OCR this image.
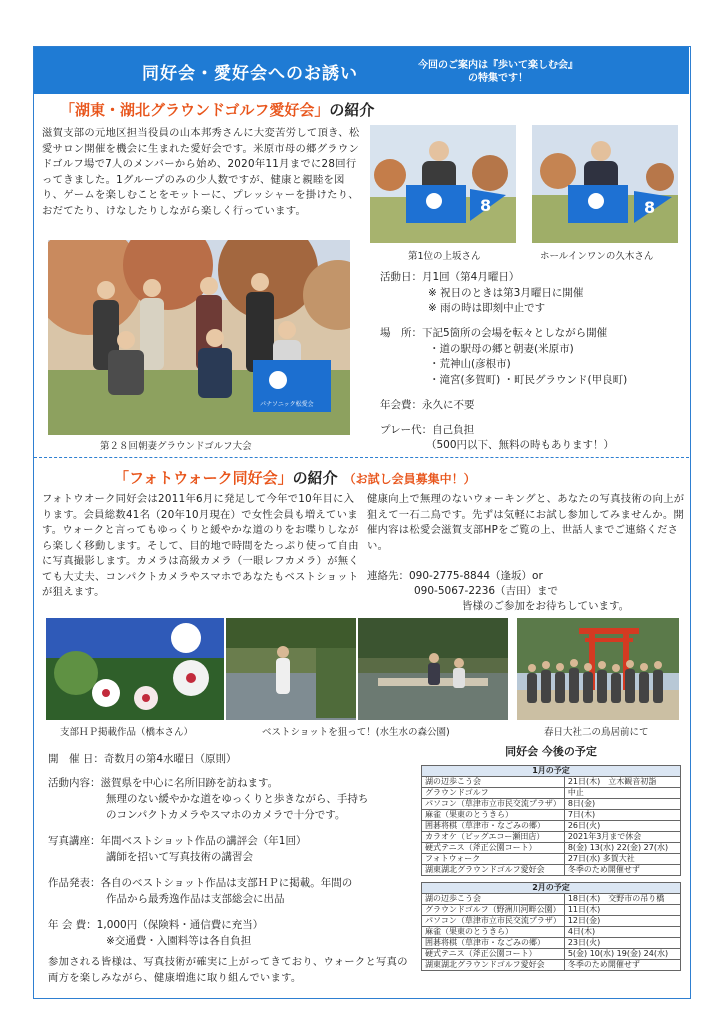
同好会・愛好会へのお誘い	今回のご案内は『歩いて楽しむ会』
の特集です！
「湖東・湖北グラウンドゴルフ愛好会」の紹介
滋賀支部の元地区担当役員の山本邦秀さんに大変苦労して頂き、松愛サロン開催を機会に生まれた愛好会です。米原市母の郷グラウンドゴルフ場で7人のメンバーから始め、2020年11月までに28回行ってきました。1グループのみの少人数ですが、健康と親睦を図り、ゲームを楽しむことをモットーに、プレッシャーを掛けたり、おだてたり、けなしたりしながら楽しく行っています。
パナソニック松愛会
第２８回朝妻グラウンドゴルフ大会
8
第1位の上坂さん
8
ホールインワンの久木さん
活動日：月1回（第4月曜日）
※ 祝日のときは第3月曜日に開催
※ 雨の時は即刻中止です
場　所：下記5箇所の会場を転々としながら開催
・道の駅母の郷と朝妻(米原市)
・荒神山(彦根市)
・滝宮(多賀町) ・町民グラウンド(甲良町)
年会費：永久に不要
プレー代：自己負担
（500円以下、無料の時もあります！）
「フォトウォーク同好会」の紹介 （お試し会員募集中！）
フォトウオーク同好会は2011年6月に発足して今年で10年目に入ります。会員総数41名（20年10月現在）で女性会員も増えています。ウォークと言ってもゆっくりと緩やかな道のりをお喋りしながら楽しく移動します。そして、目的地で時間をたっぷり使って自由に写真撮影します。カメラは高級カメラ（一眼レフカメラ）が無くても大丈夫、コンパクトカメラやスマホであなたもベストショットが狙えます。
健康向上で無理のないウォーキングと、あなたの写真技術の向上が狙えて一石二鳥です。先ずは気軽にお試し参加してみませんか。開催内容は松愛会滋賀支部HPをご覧の上、世話人までご連絡ください。
連絡先：090-2775-8844（逢坂）or
090-5067-2236（吉田）まで
皆様のご参加をお待ちしています。
支部ＨＰ掲載作品（橋本さん）	ベストショットを狙って！(水生水の森公園)	春日大社二の鳥居前にて
開　催 日：奇数月の第4水曜日（原則）
活動内容：滋賀県を中心に名所旧跡を訪ねます。
無理のない緩やかな道をゆっくりと歩きながら、手持ち
のコンパクトカメラやスマホのカメラで十分です。
写真講座：年間ベストショット作品の講評会（年1回）
講師を招いて写真技術の講習会
作品発表：各自のベストショット作品は支部ＨＰに掲載。年間の
作品から最秀逸作品は支部総会に出品
年 会 費：1,000円（保険料・通信費に充当）
※交通費・入園料等は各自負担
参加される皆様は、写真技術が確実に上がってきており、ウォークと写真の両方を楽しみながら、健康増進に取り組んでいます。
同好会 今後の予定
1月の予定	
湖の辺歩こう会	21日(木)　立木観音初詣
グラウンドゴルフ	中止
パソコン（草津市立市民交流プラザ）	8日(金)
麻雀（果東のとうきら）	7日(木)
囲碁将棋（草津市・なごみの郷）	26日(火)
カラオケ（ビッグエコー瀬田店）	2021年3月まで休会
硬式テニス（斧正公園コート）	8(金) 13(水) 22(金) 27(水)
フォトウォーク	27日(水) 多賀大社
湖東湖北グラウンドゴルフ愛好会	冬季のため開催せず
2月の予定	
湖の辺歩こう会	18日(木)　交野市の吊り橋
グラウンドゴルフ（野洲川河畔公園）	11日(木)
パソコン（草津市立市民交流プラザ）	12日(金)
麻雀（果東のとうきら）	4日(木)
囲碁将棋（草津市・なごみの郷）	23日(火)
硬式テニス（斧正公園コート）	5(金) 10(水) 19(金) 24(水)
湖東湖北グラウンドゴルフ愛好会	冬季のため開催せず
